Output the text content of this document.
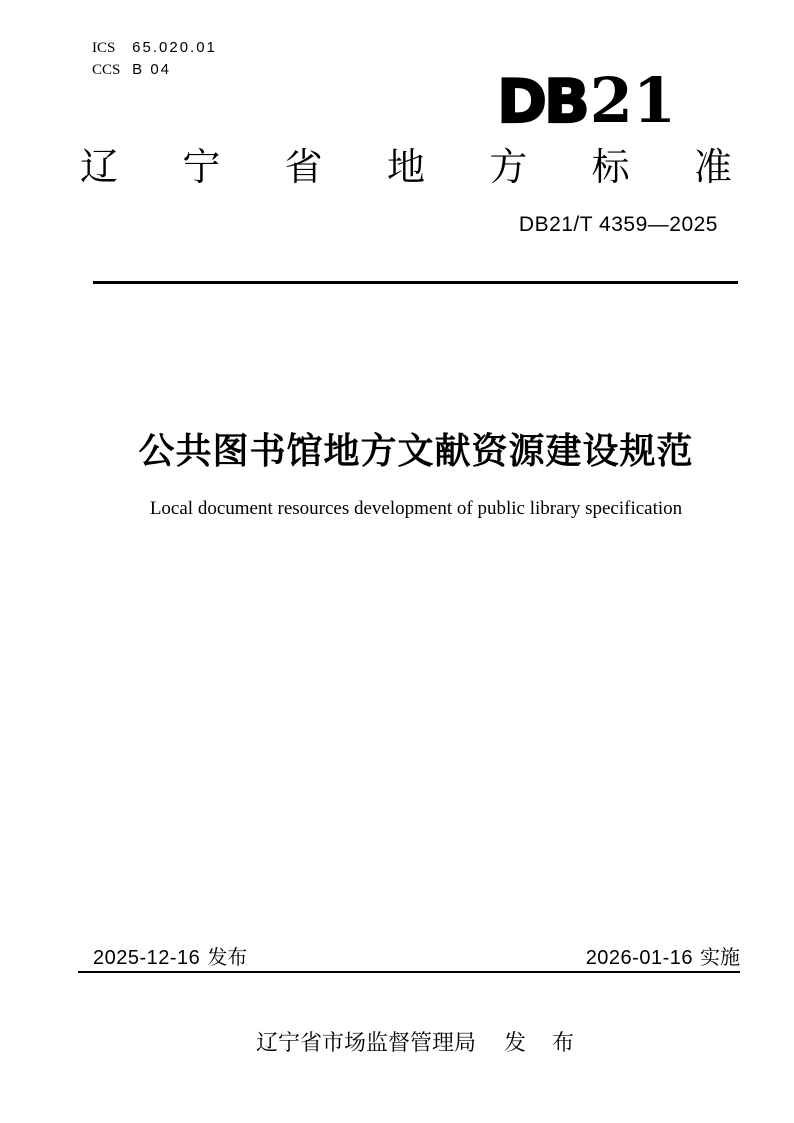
ICS 65.020.01
CCS B 04	DB21
辽宁省地方标准
DB21/T 4359—2025
公共图书馆地方文献资源建设规范
Local document resources development of public library specification
2025-12-16 发布	2026-01-16 实施
辽宁省市场监督管理局 发　布
